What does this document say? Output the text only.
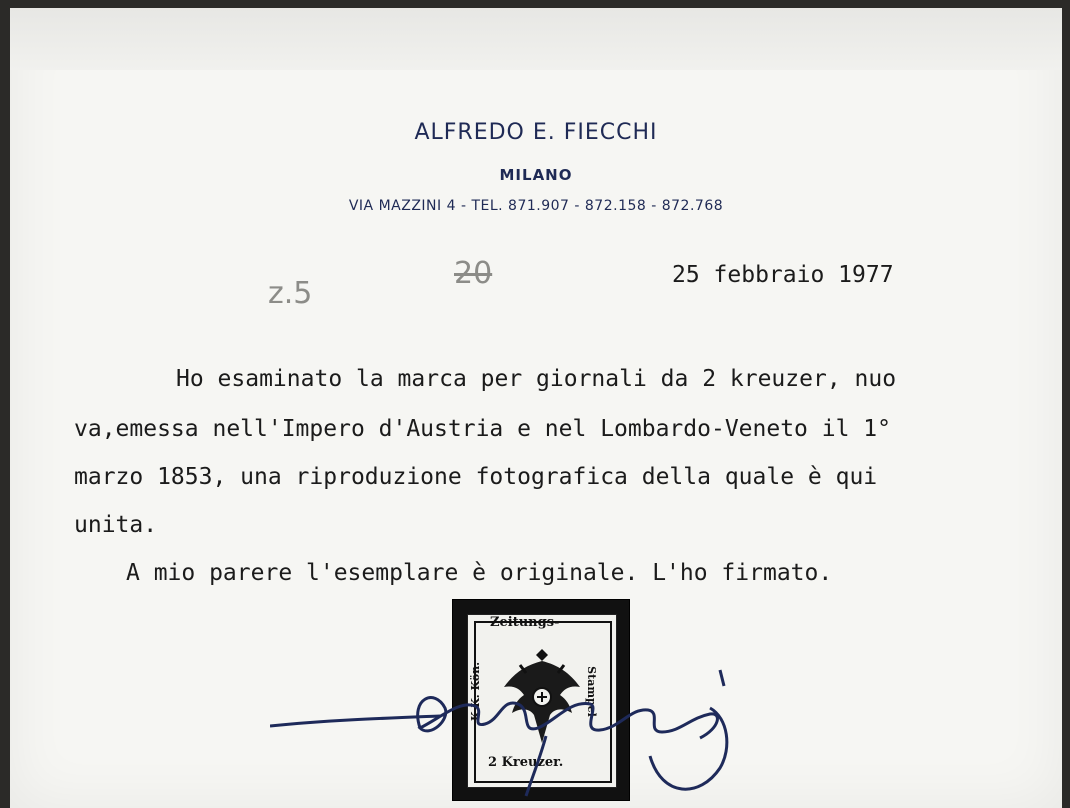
ALFREDO E. FIECCHI
MILANO
VIA MAZZINI 4 - TEL. 871.907 - 872.158 - 872.768
z.5
20	25 febbraio 1977
Ho esaminato la marca per giornali da 2 kreuzer, nuo
va,emessa nell'Impero d'Austria e nel Lombardo-Veneto il 1°
marzo 1853, una riproduzione fotografica della quale è qui
unita.
A mio parere l'esemplare è originale. L'ho firmato.
Zeitungs-
2 Kreuzer.
K.K. Kön.	Stampel
